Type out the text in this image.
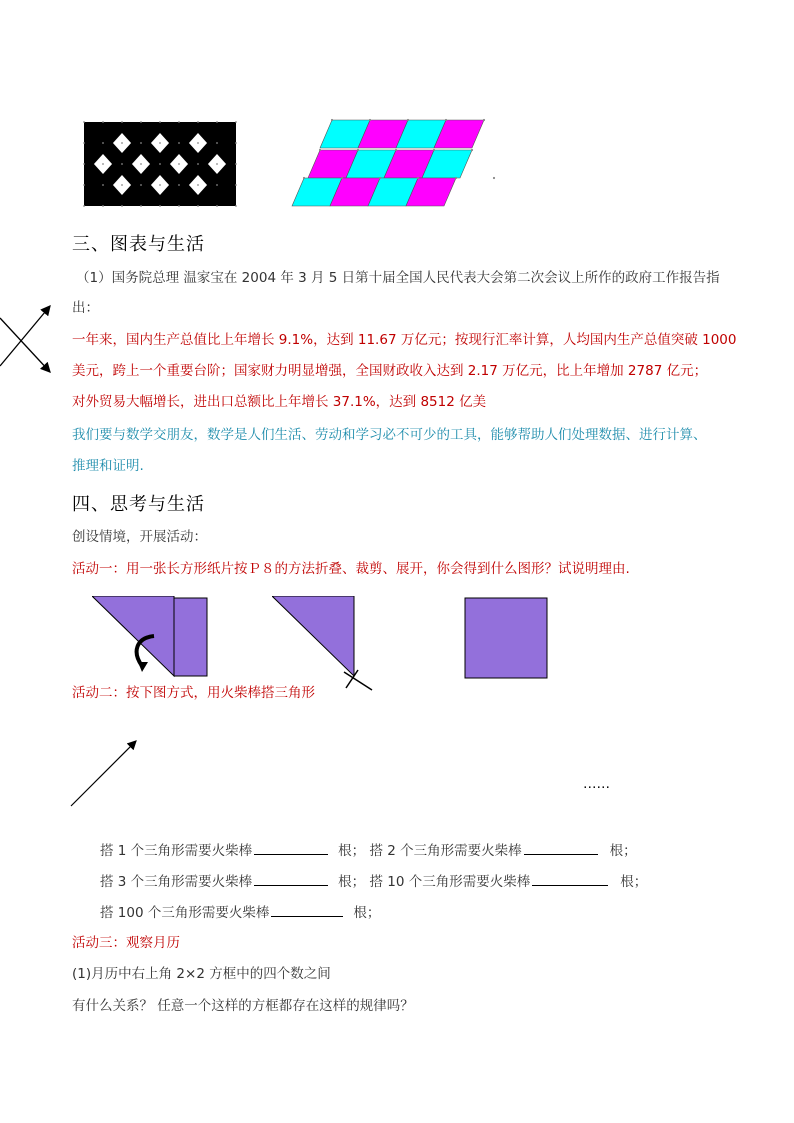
三、图表与生活
（1）国务院总理 温家宝在 2004 年 3 月 5 日第十届全国人民代表大会第二次会议上所作的政府工作报告指
出：
一年来，国内生产总值比上年增长 9.1%，达到 11.67 万亿元；按现行汇率计算，人均国内生产总值突破 1000
美元，跨上一个重要台阶；国家财力明显增强，全国财政收入达到 2.17 万亿元，比上年增加 2787 亿元；
对外贸易大幅增长，进出口总额比上年增长 37.1%，达到 8512 亿美
我们要与数学交朋友，数学是人们生活、劳动和学习必不可少的工具，能够帮助人们处理数据、进行计算、
推理和证明.
四、思考与生活
创设情境，开展活动：
活动一：用一张长方形纸片按Ｐ８的方法折叠、裁剪、展开，你会得到什么图形？试说明理由.
活动二：按下图方式，用火柴棒搭三角形
……
搭 1 个三角形需要火柴棒	根； 搭 2 个三角形需要火柴棒	根；
搭 3 个三角形需要火柴棒	根； 搭 10 个三角形需要火柴棒	根；
搭 100 个三角形需要火柴棒	根；
活动三：观察月历
(1)月历中右上角 2×2 方框中的四个数之间
有什么关系？ 任意一个这样的方框都存在这样的规律吗？
